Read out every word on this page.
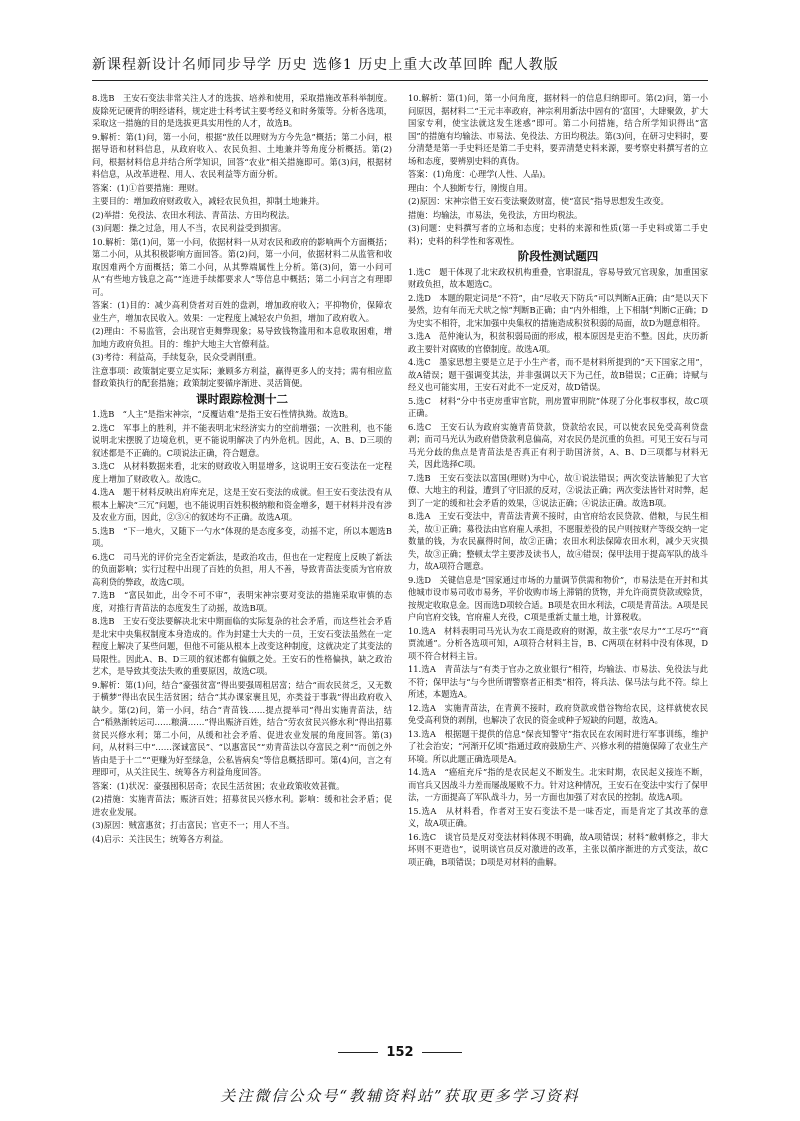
新课程新设计名师同步导学 历史 选修1 历史上重大改革回眸 配人教版
8.选B　王安石变法非常关注人才的选拔、培养和使用，采取措施改革科举制度。废除死记硬背的明经诸科，规定进士科考试主要考经义和时务策等。分析各选项，采取这一措施的目的是选拔更具实用性的人才，故选B。
9.解析：第(1)问，第一小问，根据“放任以理财为方今先急”概括；第二小问，根据导语和材料信息，从政府收入、农民负担、土地兼并等角度分析概括。第(2)问，根据材料信息并结合所学知识，回答“农业”相关措施即可。第(3)问，根据材料信息，从改革进程、用人、农民利益等方面分析。
答案：(1)①首要措施：理财。
主要目的：增加政府财政收入，减轻农民负担，抑制土地兼并。
(2)举措：免役法、农田水利法、青苗法、方田均税法。
(3)问题：操之过急，用人不当，农民利益受到损害。
10.解析：第(1)问，第一小问，依据材料一从对农民和政府的影响两个方面概括；第二小问，从其积极影响方面回答。第(2)问，第一小问，依据材料二从监管和收取因难两个方面概括；第二小问，从其弊端属性上分析。第(3)问，第一小问可从“有些地方钱息之高”“连进手续都要求人”等信息中概括；第二小问言之有理即可。
答案：(1)目的：减少高利贷者对百姓的盘剥，增加政府收入；平抑物价，保障农业生产，增加农民收入。效果：一定程度上减轻农户负担，增加了政府收入。
(2)理由：不易监管，会出现官吏舞弊现象；易导致钱物滥用和本息收取困难，增加地方政府负担。目的：维护大地主大官僚利益。
(3)考待：利益高，手续复杂，民众受剥削重。
注意事项：政策制定要立足实际；兼顾多方利益，赢得更多人的支持；需有相应监督政策执行的配套措施；政策制定要循序渐进、灵活简便。
课时跟踪检测十二
1.选B　“人主”是指宋神宗，“反覆诘难”是指王安石性情执拗。故选B。
2.选C　军事上的胜利，并不能表明北宋经济实力的空前增强；一次胜利，也不能说明北宋摆脱了边境危机，更不能说明解决了内外危机。因此，A、B、D三项的叙述都是不正确的。C项说法正确，符合题意。
3.选C　从材料数据来看，北宋的财政收入明显增多，这说明王安石变法在一定程度上增加了财政收入。故选C。
4.选A　题干材料反映出府库充足，这是王安石变法的成就。但王安石变法没有从根本上解决“三冗”问题，也不能说明百姓积极纳粮和资金增多，题干材料并没有涉及农业方面，因此，②③④的叙述均不正确。故选A项。
5.选B　“下一地火，又随下一勺水”体现的是态度多变，动摇不定，所以本题选B项。
6.选C　司马光的评价完全否定新法，是政治攻击，但也在一定程度上反映了新法的负面影响；实行过程中出现了百姓的负担，用人不善，导致青苗法变质为官府放高利贷的弊政，故选C项。
7.选B　“富民如此，出令不可不审”，表明宋神宗要对变法的措施采取审慎的态度，对推行青苗法的态度发生了动摇，故选B项。
8.选B　王安石变法要解决北宋中期面临的实际复杂的社会矛盾，而这些社会矛盾是北宋中央集权制度本身造成的。作为封建士大夫的一员，王安石变法虽然在一定程度上解决了某些问题，但他不可能从根本上改变这种制度，这就决定了其变法的局限性。因此A、B、D三项的叙述都有偏颇之处。王安石的性格偏执，缺之政治艺术，是导致其变法失败的重要原因，故选C项。
9.解析：第(1)问，结合“豪强贫富”得出要强周租居富；结合“而农民贫乏，又无数于横梦”得出农民生活贫困；结合“其办课家裹且见，亦类益于事栽”得出政府收入缺少。第(2)问，第一小问，结合“青苗钱……提点提举司”得出实施青苗法，结合“稻熟渐转运司……粮满……”得出赈济百姓，结合“劳农贫民兴修水利”得出招募贫民兴修水利；第二小问，从缓和社会矛盾、促进农业发展的角度回答。第(3)问，从材料三中“……深诚富民”、“以惠富民”“劝青苗法以夺富民之利”“而创之外皆由是于十二”“更赚为好至绿急，公私皆病矣”等信息概括即可。第(4)问，言之有理即可，从关注民生、统筹各方利益角度回答。
答案：(1)状况：豪强囤积居奇；农民生活贫困；农业政策收效甚微。
(2)措施：实施青苗法；赈济百姓；招募贫民兴修水利。影响：缓和社会矛盾；促进农业发展。
(3)原因：贼富惠贫；打击富民；官吏不一；用人不当。
(4)启示：关注民生；统筹各方利益。
10.解析：第(1)问，第一小问角度，据材料一的信息归纳即可。第(2)问，第一小问原因，据材料二“王元丰率政府，神宗利用新法中固有的‘富国’，大肆聚敛，扩大国家专利，使宝法就这发生迷惑”即可。第二小问措施，结合所学知识得出“富国”的措施有均输法、市易法、免役法、方田均税法。第(3)问，在研习史料时，要分清楚是第一手史料还是第二手史料，要弄清楚史料来源，要考察史料撰写者的立场和态度，要辨别史料的真伪。
答案：(1)角度：心理学(人性、人品)。
理由：个人独断专行，刚愎自用。
(2)原因：宋神宗借王安石变法聚敛财富，使“富民”指导思想发生改变。
措施：均输法，市易法，免役法，方田均税法。
(3)问题：史料撰写者的立场和态度；史料的来源和性质(第一手史料或第二手史料)；史料的科学性和客观性。
阶段性测试题四
1.选C　题干体现了北宋政权机构重叠，官职混乱，容易导致冗官现象，加重国家财政负担，故本题选C。
2.选D　本题的限定词是“不符”，由“尽收天下防兵”可以判断A正确；由“是以天下晏然，边有年而无犬吠之惊”判断B正确；由“内外相维，上下相制”判断C正确；D为史实不相符，北宋加强中央集权的措施造成积贫积弱的局面，故D为题意相符。
3.选A　范仲淹认为，积贫积弱局面的形成，根本原因是吏治不整。因此，庆历新政主要针对腐败的官僚制度。故选A项。
4.选C　墨家思想主要是立足于小生产者，而不是材料所提到的“天下国家之用”，故A错误；题干强调变其法，并非强调以天下为己任，故B错误；C正确；诗赋与经义也可能实用，王安石对此不一定反对，故D错误。
5.选C　材料“分中书吏房重审官院，刑房置审刑院”体现了分化事权事权，故C项正确。
6.选C　王安石认为政府实施青苗贷款，贷款给农民，可以使农民免受高利贷盘剥；而司马光认为政府借贷款利息偏高，对农民仍是沉重的负担。可见王安石与司马光分歧的焦点是青苗法是否真正有利于助国济贫，A、B、D三项都与材料无关，因此选择C项。
7.选B　王安石变法以富国(理财)为中心，故①说法错误；两次变法皆触犯了大官僚、大地主的利益，遭到了守旧派的反对，②说法正确；两次变法皆针对时弊，起到了一定的缓和社会矛盾的效果，③说法正确；④说法正确。故选B项。
8.选A　王安石变法中，青苗法青黄不接时，由官府给农民贷款、借粮，与民生相关，故①正确；募役法由官府雇人承担，不愿服差役的民户则按财产等级交纳一定数量的钱，为农民赢得时间，故②正确；农田水利法保障农田水利，减少天灾损失，故③正确；整顿太学主要涉及读书人，故④错误；保甲法用于提高军队的战斗力，故A项符合题意。
9.选D　关键信息是“国家通过市场的力量调节供需和物价”，市易法是在开封和其他城市设市易司收市易务，平价收购市场上滞销的货物，并允许商贾贷款或赊货，按规定收取息金。因而选D项较合适。B项是农田水利法，C项是青苗法。A项是民户向官府交钱，官府雇人充役，C项是重新丈量土地，计算税收。
10.选A　材料表明司马光认为农工商是政府的财源，故主张“农尽力”“工尽巧”“商贾流通”。分析各选项可知，A项符合材料主旨，B、C两项在材料中没有体现，D项不符合材料主旨。
11.选A　青苗法与“有类于官办之放业银行”相符，均输法、市易法、免役法与此不符；保甲法与“与今世所谓警察者正相类”相符，将兵法、保马法与此不符。综上所述，本题选A。
12.选A　实施青苗法，在青黄不接时，政府贷款或借谷物给农民，这样就使农民免受高利贷的剥削，也解决了农民的资金或种子短缺的问题，故选A。
13.选A　根据题干提供的信息“保丧知警守”指农民在农闲时进行军事训练，维护了社会治安；“河渐开亿顷”指通过政府鼓励生产、兴修水利的措施保障了农业生产环境。所以此题正确选项是A。
14.选A　“癌疽充斥”指的是农民起义不断发生。北宋时期，农民起义接连不断，而官兵又因战斗力差而屡战屡败不力。针对这种情况，王安石在变法中实行了保甲法，一方面提高了军队战斗力，另一方面也加强了对农民的控制。故选A项。
15.选A　从材料看，作者对王安石变法不是一味否定，而是肯定了其改革的意义，故A项正确。
16.选C　谈官员是反对变法材料体现不明确，故A项错误；材料“敝刺修之，非大坏则不更造也”，说明谈官员反对激进的改革，主张以循序渐进的方式变法，故C项正确，B项错误；D项是对材料的曲解。
152
关注微信公众号“教辅资料站”获取更多学习资料
